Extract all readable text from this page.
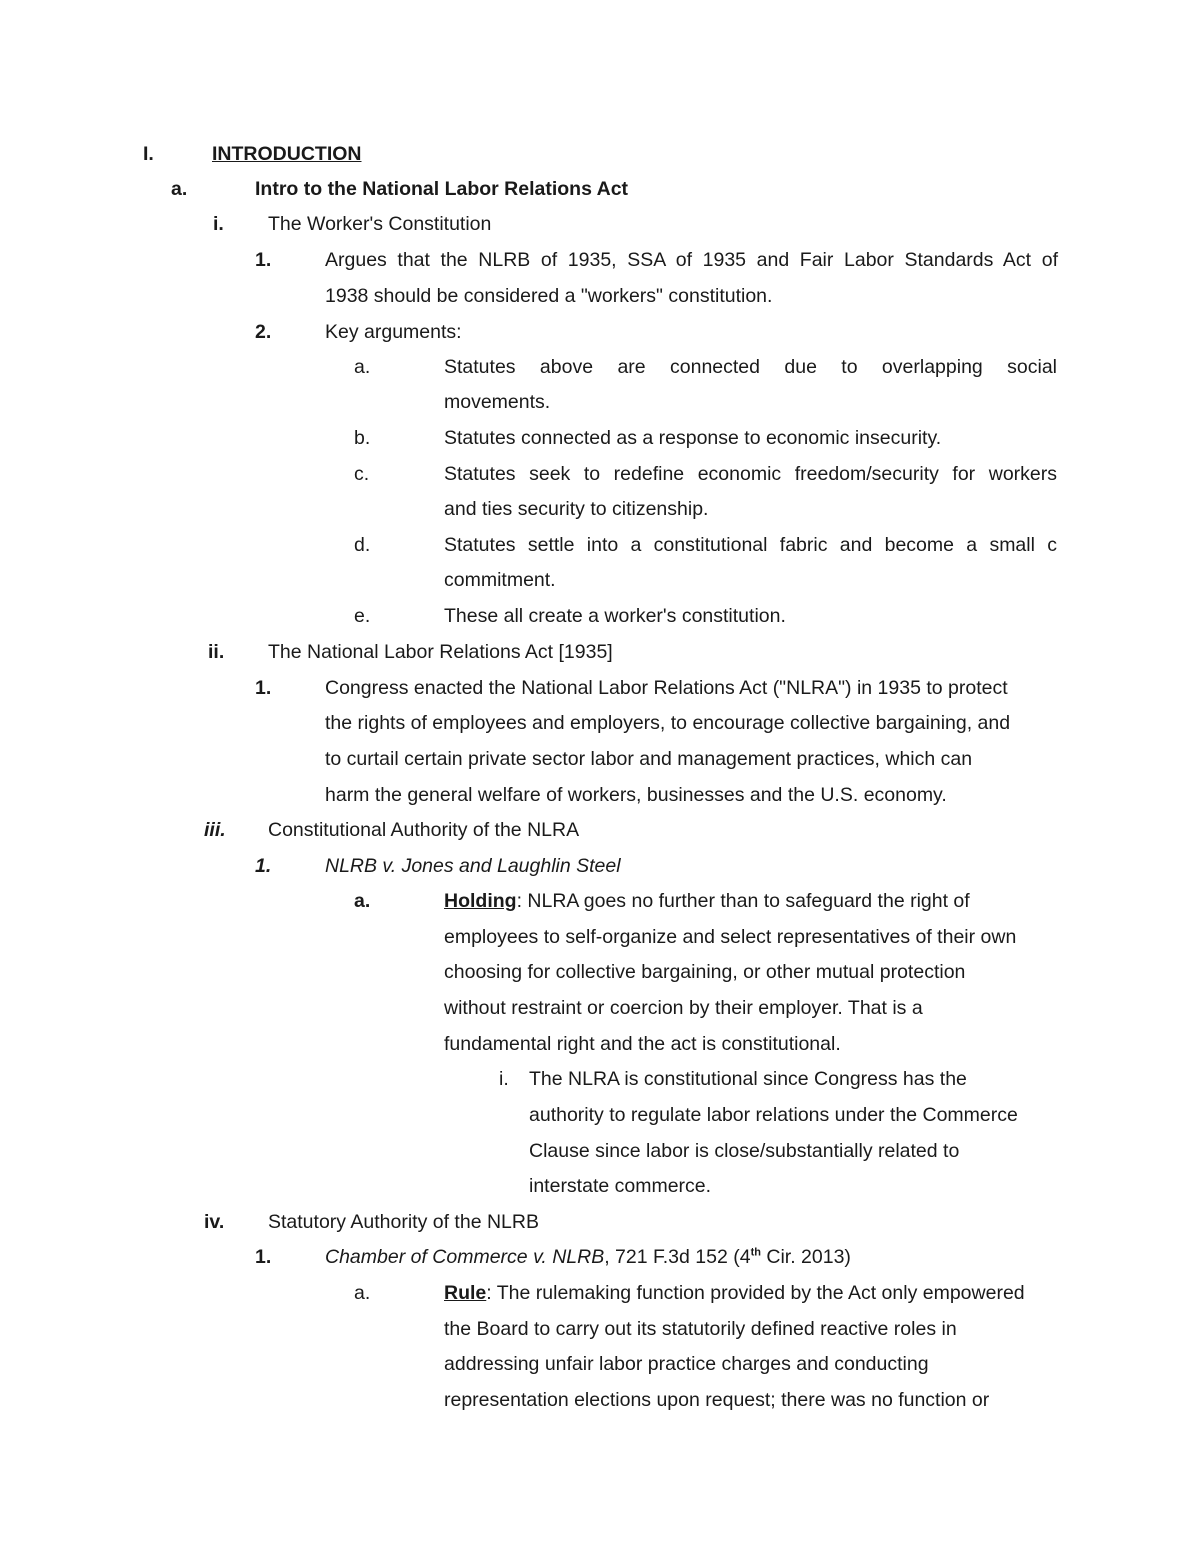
I.	INTRODUCTION
a.	Intro to the National Labor Relations Act
i. The Worker's Constitution
1.	Argues that the NLRB of 1935, SSA of 1935 and Fair Labor Standards Act of
1938 should be considered a "workers" constitution.
2.	Key arguments:
a.	Statutes above are connected due to overlapping social
movements.
b.	Statutes connected as a response to economic insecurity.
c.	Statutes seek to redefine economic freedom/security for workers
and ties security to citizenship.
d.	Statutes settle into a constitutional fabric and become a small c
commitment.
e.	These all create a worker's constitution.
ii. The National Labor Relations Act [1935]
1.	Congress enacted the National Labor Relations Act ("NLRA") in 1935 to protect
the rights of employees and employers, to encourage collective bargaining, and
to curtail certain private sector labor and management practices, which can
harm the general welfare of workers, businesses and the U.S. economy.
iii. Constitutional Authority of the NLRA
1.	NLRB v. Jones and Laughlin Steel
a.	Holding: NLRA goes no further than to safeguard the right of
employees to self-organize and select representatives of their own
choosing for collective bargaining, or other mutual protection
without restraint or coercion by their employer. That is a
fundamental right and the act is constitutional.
i. The NLRA is constitutional since Congress has the
authority to regulate labor relations under the Commerce
Clause since labor is close/substantially related to
interstate commerce.
iv. Statutory Authority of the NLRB
1.	Chamber of Commerce v. NLRB, 721 F.3d 152 (4th Cir. 2013)
a.	Rule: The rulemaking function provided by the Act only empowered
the Board to carry out its statutorily defined reactive roles in
addressing unfair labor practice charges and conducting
representation elections upon request; there was no function or
